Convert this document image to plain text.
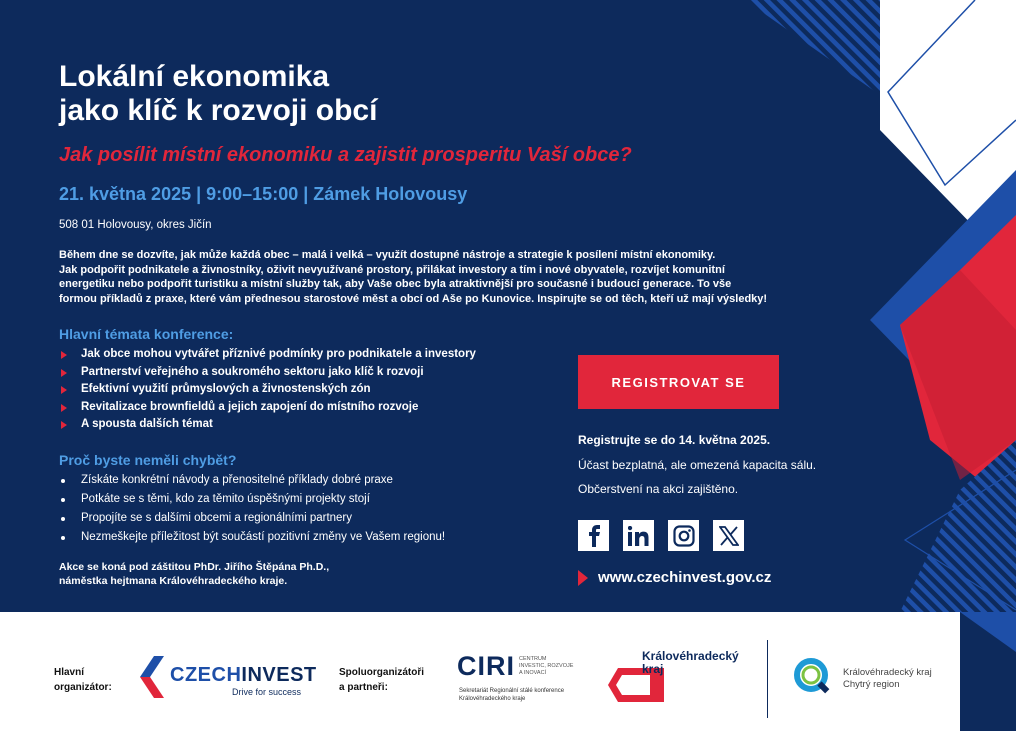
Lokální ekonomika
jako klíč k rozvoji obcí
Jak posílit místní ekonomiku a zajistit prosperitu Vaší obce?
21. května 2025 | 9:00–15:00 | Zámek Holovousy
508 01 Holovousy, okres Jičín

Během dne se dozvíte, jak může každá obec – malá i velká – využít dostupné nástroje a strategie k posílení místní ekonomiky.
Jak podpořit podnikatele a živnostníky, oživit nevyužívané prostory, přilákat investory a tím i nové obyvatele, rozvíjet komunitní
energetiku nebo podpořit turistiku a místní služby tak, aby Vaše obec byla atraktivnější pro současné i budoucí generace. To vše
formou příkladů z praxe, které vám přednesou starostové měst a obcí od Aše po Kunovice. Inspirujte se od těch, kteří už mají výsledky!

Hlavní témata konference:
Jak obce mohou vytvářet příznivé podmínky pro podnikatele a investory
Partnerství veřejného a soukromého sektoru jako klíč k rozvoji
Efektivní využití průmyslových a živnostenských zón
Revitalizace brownfieldů a jejich zapojení do místního rozvoje
A spousta dalších témat
Proč byste neměli chybět?
Získáte konkrétní návody a přenositelné příklady dobré praxe
Potkáte se s těmi, kdo za těmito úspěšnými projekty stojí
Propojíte se s dalšími obcemi a regionálními partnery
Nezmeškejte příležitost být součástí pozitivní změny ve Vašem regionu!
Akce se koná pod záštitou PhDr. Jiřího Štěpána Ph.D.,
náměstka hejtmana Královéhradeckého kraje.
REGISTROVAT SE
Registrujte se do 14. května 2025.
Účast bezplatná, ale omezená kapacita sálu.
Občerstvení na akci zajištěno.
www.czechinvest.gov.cz
Hlavní
organizátor:
CZECHINVEST
Drive for success
Spoluorganizátoři
a partneři:
CIRI CENTRUM
INVESTIC, ROZVOJE
A INOVACÍ
Sekretariát Regionální stálé konference
Královéhradeckého kraje
Královéhradecký
kraj	Královéhradecký kraj
Chytrý region
